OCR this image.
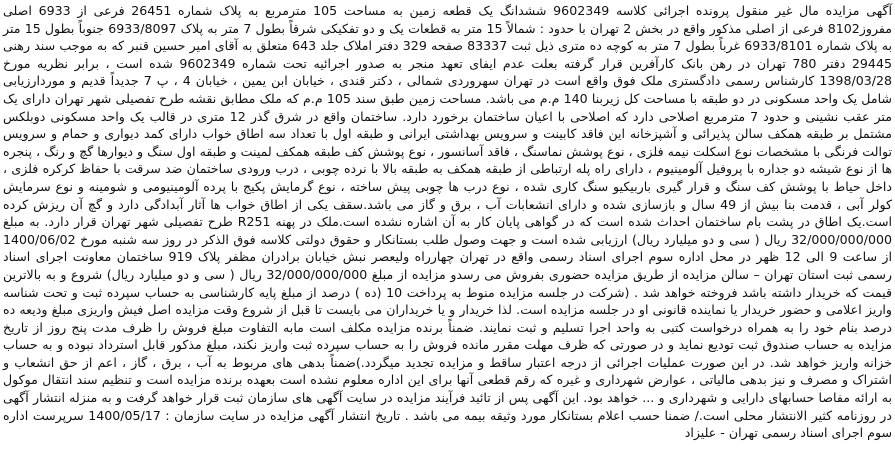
آگهی مزایده مال غیر منقول پرونده اجرائی کلاسه 9602349 ششدانگ یک قطعه زمین به مساحت 105 مترمربع به پلاک شماره 26451 فرعی از 6933 اصلی مفروز8102 فرعی از اصلی مذکور واقع در بخش 2 تهران با حدود : شمالاً 15 متر به قطعات یک و دو تفکیکی شرقاً بطول 7 متر به پلاک 6933/8097 جنوباً بطول 15 متر به پلاک شماره 6933/8101 غرباً بطول 7 متر به کوچه ده متری ذیل ثبت 83337 صفحه 329 دفتر املاک جلد 643 متعلق به آقای امیر حسین قنبر که به موجب سند رهنی 29445 دفتر 780 تهران در رهن بانک کارآفرین قرار گرفته بعلت عدم ایفای تعهد منجر به صدور اجرائیه تحت شماره 9602349 شده است ، برابر نظریه مورخ 1398/03/28 کارشناس رسمی دادگستری ملک فوق واقع است در تهران سهروردی شمالی ، دکتر قندی ، خیابان ابن یمین ، خیابان 4 ، پ 7 جدیداً قدیم و موردارزیابی شامل یک واحد مسکونی در دو طبقه با مساحت کل زیربنا 140 م.م می باشد. مساحت زمین طبق سند 105 م.م که ملک مطابق نقشه طرح تفصیلی شهر تهران دارای یک متر عقب نشینی و حدود 7 مترمربع اصلاحی دارد که اصلاحی با اعیان ساختمان برخورد دارد. ساختمان واقع در شرق گذر 12 متری در قالب یک واحد مسکونی دوبلکس مشتمل بر طبقه همکف سالن پذیرائی و آشپزخانه این فاقد کابینت و سرویس بهداشتی ایرانی و طبقه اول با تعداد سه اطاق خواب دارای کمد دیواری و حمام و سرویس توالت فرنگی با مشخصات نوع اسکلت نیمه فلزی ، نوع پوشش نماسنگ ، فاقد آسانسور ، نوع پوشش کف طبقه همکف لمینت و طبقه اول سنگ و دیوارها گچ و رنگ ، پنجره ها از نوع شیشه دو جداره با پروفیل آلومینیوم ، دارای راه پله ارتباطی از طبقه همکف به طبقه بالا با نرده چوبی ، درب ورودی ساختمان ضد سرقت با حفاظ کرکره فلزی ، داخل حیاط با پوشش کف سنگ و قرار گیری باربیکیو سنگ کاری شده ، نوع درب ها چوبی پیش ساخته ، نوع گرمایش پکیج با پرده آلومینیومی و شومینه و نوع سرمایش کولر آبی ، قدمت بنا بیش از 49 سال و بازسازی شده و دارای انشعابات آب ، برق و گاز می باشد.سقف یکی از اطاق خواب ها آثار آبدادگی دارد و گچ آن ریزش کرده است.یک اطاق در پشت بام ساختمان احداث شده است که در گواهی پایان کار به آن اشاره نشده است.ملک در پهنه R251 طرح تفصیلی شهر تهران قرار دارد. به مبلغ 32/000/000/000 ریال ( سی و دو میلیارد ریال) ارزیابی شده است و جهت وصول طلب بستانکار و حقوق دولتی کلاسه فوق الذکر در روز سه شنبه مورخ 1400/06/02 از ساعت 9 الی 12 ظهر در محل اداره سوم اجرای اسناد رسمی واقع در تهران چهارراه ولیعصر نبش خیابان برادران مظفر پلاک 919 ساختمان معاونت اجرای اسناد رسمی ثبت استان تهران – سالن مزایده از طریق مزایده حضوری بفروش می رسدو مزایده از مبلغ 32/000/000/000 ریال ( سی و دو میلیارد ریال) شروع و به بالاترین قیمت که خریدار داشته باشد فروخته خواهد شد . (شرکت در جلسه مزایده منوط به پرداخت 10 (ده ) درصد از مبلغ پایه کارشناسی به حساب سپرده ثبت و تحت شناسه واریز اعلامی و حضور خریدار یا نماینده قانونی او در جلسه مزایده است. لذا خریدار و یا خریداران می بایست تا قبل از شروع وقت مزایده اصل فیش واریزی مبلغ ودیعه ده درصد بنام خود را به همراه درخواست کتبی به واحد اجرا تسلیم و ثبت نمایند. ضمناً برنده مزایده مکلف است مابه التفاوت مبلغ فروش را ظرف مدت پنج روز از تاریخ مزایده به حساب صندوق ثبت تودیع نماید و در صورتی که ظرف مهلت مقرر مانده فروش را به حساب سپرده ثبت واریز نکند، مبلغ مذکور قابل استرداد نبوده و به حساب خزانه واریز خواهد شد. در این صورت عملیات اجرائی از درجه اعتبار ساقط و مزایده تجدید میگردد.)ضمناً بدهی های مربوط به آب ، برق ، گاز ، اعم از حق انشعاب و اشتراک و مصرف و نیز بدهی مالیاتی ، عوارض شهرداری و غیره که رقم قطعی آنها برای این اداره معلوم نشده است بعهده برنده مزایده است و تنظیم سند انتقال موکول به ارائه مفاصا حسابهای دارایی و شهرداری و ... خواهد بود. این آگهی پس از تائید فرآیند مزایده در سایت آگهی های سازمان ثبت قرار خواهد گرفت و به منزله انتشار آگهی در روزنامه کثیر الانتشار محلی است./ ضمنا حسب اعلام بستانکار مورد وثیقه بیمه می باشد . تاریخ انتشار آگهی مزایده در سایت سازمان : 1400/05/17 سرپرست اداره سوم اجرای اسناد رسمی تهران - علیزاد
